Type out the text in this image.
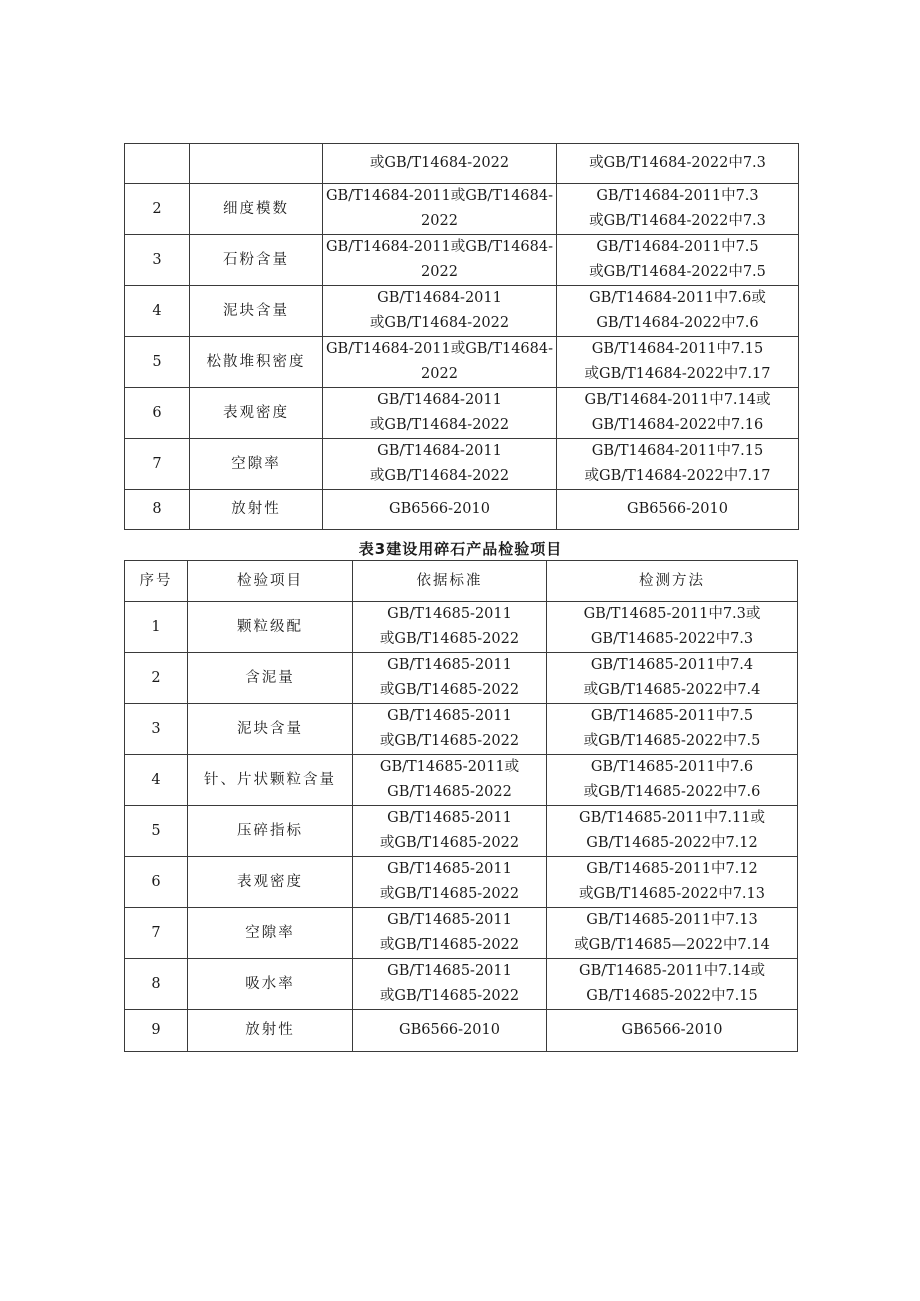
		或GB/T14684-2022	或GB/T14684-2022中7.3

2	细度模数	GB/T14684-2011或GB/T14684-
2022	GB/T14684-2011中7.3
或GB/T14684-2022中7.3

3	石粉含量	GB/T14684-2011或GB/T14684-
2022	GB/T14684-2011中7.5
或GB/T14684-2022中7.5

4	泥块含量	GB/T14684-2011
或GB/T14684-2022	GB/T14684-2011中7.6或
GB/T14684-2022中7.6

5	松散堆积密度	GB/T14684-2011或GB/T14684-
2022	GB/T14684-2011中7.15
或GB/T14684-2022中7.17

6	表观密度	GB/T14684-2011
或GB/T14684-2022	GB/T14684-2011中7.14或
GB/T14684-2022中7.16

7	空隙率	GB/T14684-2011
或GB/T14684-2022	GB/T14684-2011中7.15
或GB/T14684-2022中7.17

8	放射性	GB6566-2010	GB6566-2010
表3建设用碎石产品检验项目
序号	检验项目	依据标准	检测方法
1	颗粒级配	GB/T14685-2011
或GB/T14685-2022	GB/T14685-2011中7.3或
GB/T14685-2022中7.3

2	含泥量	GB/T14685-2011
或GB/T14685-2022	GB/T14685-2011中7.4
或GB/T14685-2022中7.4

3	泥块含量	GB/T14685-2011
或GB/T14685-2022	GB/T14685-2011中7.5
或GB/T14685-2022中7.5

4	针、片状颗粒含量	GB/T14685-2011或
GB/T14685-2022	GB/T14685-2011中7.6
或GB/T14685-2022中7.6

5	压碎指标	GB/T14685-2011
或GB/T14685-2022	GB/T14685-2011中7.11或
GB/T14685-2022中7.12

6	表观密度	GB/T14685-2011
或GB/T14685-2022	GB/T14685-2011中7.12
或GB/T14685-2022中7.13

7	空隙率	GB/T14685-2011
或GB/T14685-2022	GB/T14685-2011中7.13
或GB/T14685—2022中7.14

8	吸水率	GB/T14685-2011
或GB/T14685-2022	GB/T14685-2011中7.14或
GB/T14685-2022中7.15

9	放射性	GB6566-2010	GB6566-2010
